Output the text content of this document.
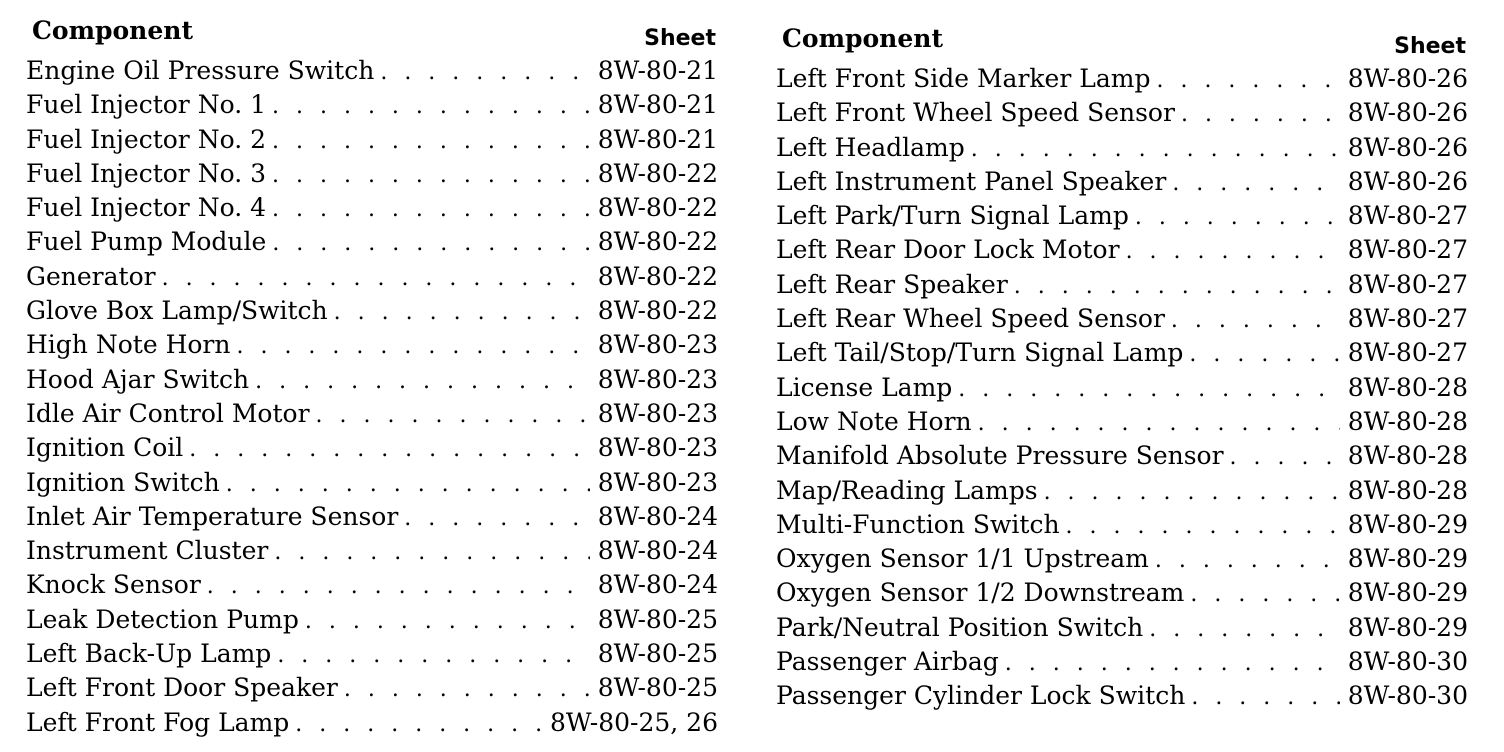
Component	Sheet
Engine Oil Pressure Switch . . .	8W-80-21
Fuel Injector No. 1 . . .	8W-80-21
Fuel Injector No. 2 . . .	8W-80-21
Fuel Injector No. 3 . . .	8W-80-22
Fuel Injector No. 4 . . .	8W-80-22
Fuel Pump Module . . .	8W-80-22
Generator . . .	8W-80-22
Glove Box Lamp/Switch . . .	8W-80-22
High Note Horn . . .	8W-80-23
Hood Ajar Switch . . .	8W-80-23
Idle Air Control Motor . . .	8W-80-23
Ignition Coil . . .	8W-80-23
Ignition Switch . . .	8W-80-23
Inlet Air Temperature Sensor . . .	8W-80-24
Instrument Cluster . . .	8W-80-24
Knock Sensor . . .	8W-80-24
Leak Detection Pump . . .	8W-80-25
Left Back-Up Lamp . . .	8W-80-25
Left Front Door Speaker . . .	8W-80-25
Left Front Fog Lamp . . .	8W-80-25, 26
Component	Sheet
Left Front Side Marker Lamp . . .	8W-80-26
Left Front Wheel Speed Sensor . . .	8W-80-26
Left Headlamp . . .	8W-80-26
Left Instrument Panel Speaker . . .	8W-80-26
Left Park/Turn Signal Lamp . . .	8W-80-27
Left Rear Door Lock Motor . . .	8W-80-27
Left Rear Speaker . . .	8W-80-27
Left Rear Wheel Speed Sensor . . .	8W-80-27
Left Tail/Stop/Turn Signal Lamp . . .	8W-80-27
License Lamp . . .	8W-80-28
Low Note Horn . . .	8W-80-28
Manifold Absolute Pressure Sensor . . .	8W-80-28
Map/Reading Lamps . . .	8W-80-28
Multi-Function Switch . . .	8W-80-29
Oxygen Sensor 1/1 Upstream . . .	8W-80-29
Oxygen Sensor 1/2 Downstream . . .	8W-80-29
Park/Neutral Position Switch . . .	8W-80-29
Passenger Airbag . . .	8W-80-30
Passenger Cylinder Lock Switch . . .	8W-80-30
